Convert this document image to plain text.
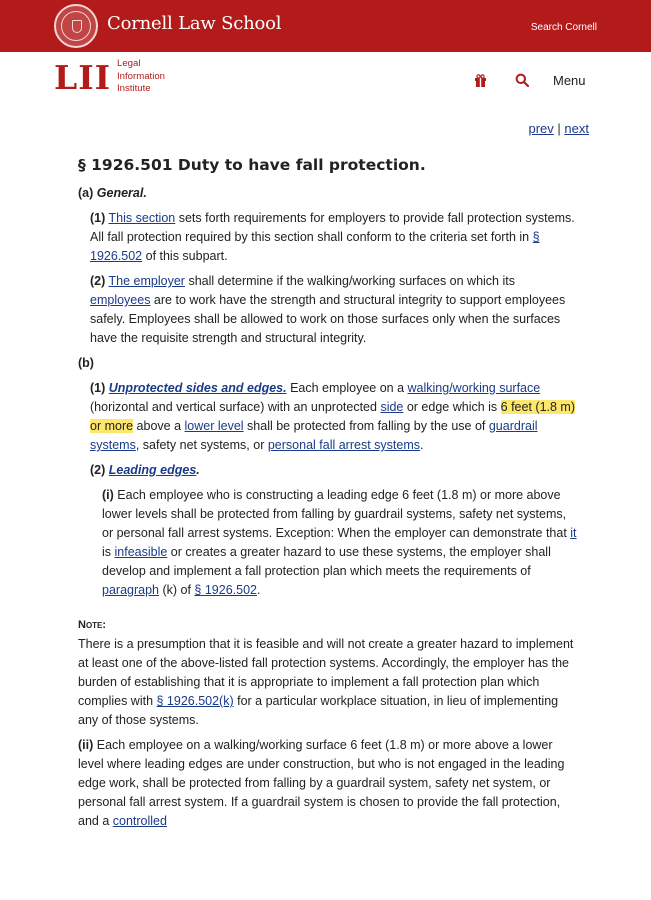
Cornell Law School	Search Cornell
LII Legal
Information
Institute
Menu
prev | next
§ 1926.501 Duty to have fall protection.
(a) General.
(1) This section sets forth requirements for employers to provide fall protection systems. All fall protection required by this section shall conform to the criteria set forth in § 1926.502 of this subpart.
(2) The employer shall determine if the walking/working surfaces on which its employees are to work have the strength and structural integrity to support employees safely. Employees shall be allowed to work on those surfaces only when the surfaces have the requisite strength and structural integrity.
(b)
(1) Unprotected sides and edges. Each employee on a walking/working surface (horizontal and vertical surface) with an unprotected side or edge which is 6 feet (1.8 m) or more above a lower level shall be protected from falling by the use of guardrail systems, safety net systems, or personal fall arrest systems.
(2) Leading edges.
(i) Each employee who is constructing a leading edge 6 feet (1.8 m) or more above lower levels shall be protected from falling by guardrail systems, safety net systems, or personal fall arrest systems. Exception: When the employer can demonstrate that it is infeasible or creates a greater hazard to use these systems, the employer shall develop and implement a fall protection plan which meets the requirements of paragraph (k) of § 1926.502.
Note:
There is a presumption that it is feasible and will not create a greater hazard to implement at least one of the above-listed fall protection systems. Accordingly, the employer has the burden of establishing that it is appropriate to implement a fall protection plan which complies with § 1926.502(k) for a particular workplace situation, in lieu of implementing any of those systems.
(ii) Each employee on a walking/working surface 6 feet (1.8 m) or more above a lower level where leading edges are under construction, but who is not engaged in the leading edge work, shall be protected from falling by a guardrail system, safety net system, or personal fall arrest system. If a guardrail system is chosen to provide the fall protection, and a controlled
